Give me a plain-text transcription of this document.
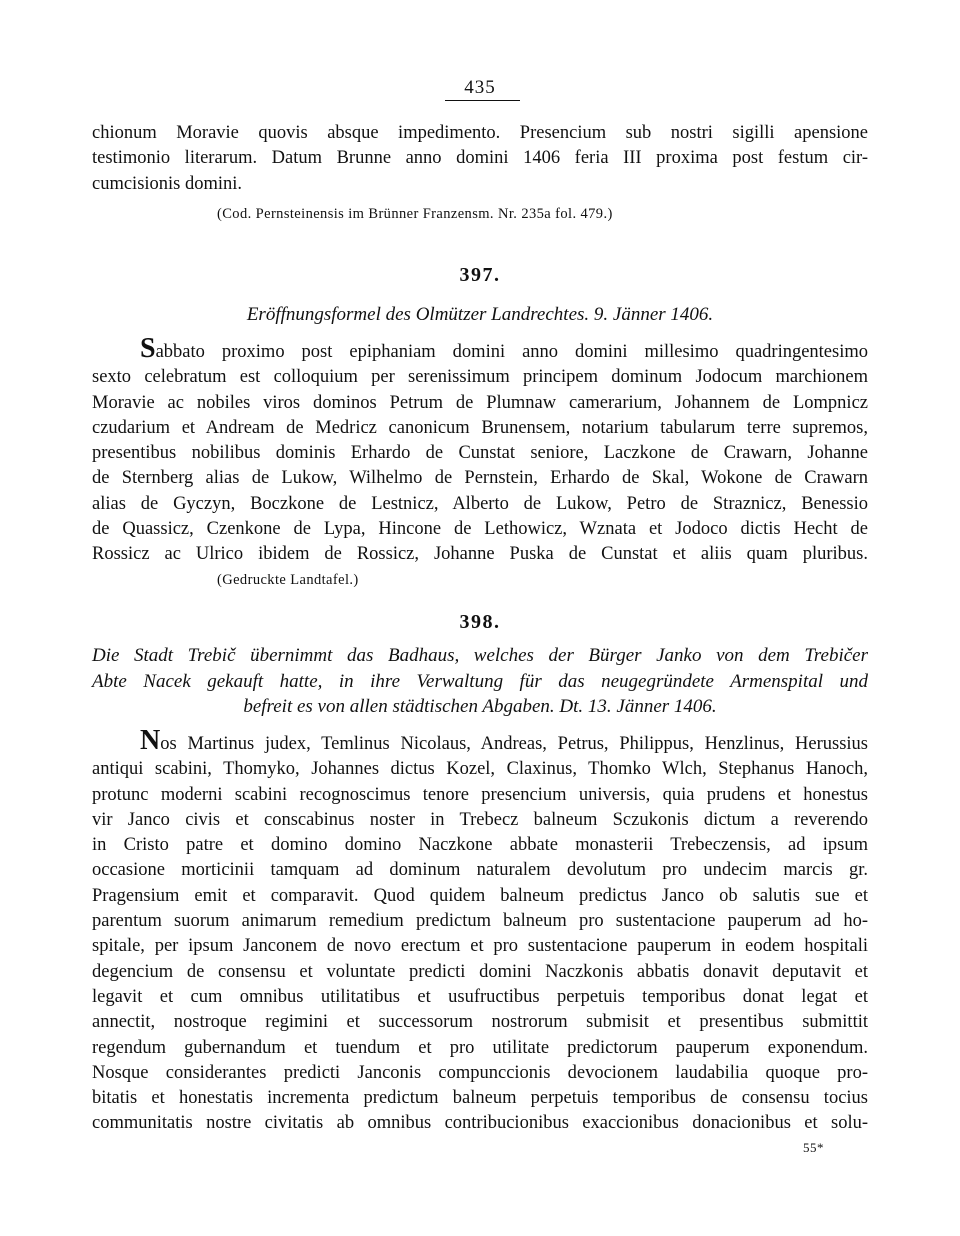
435
chionum Moravie quovis absque impedimento. Presencium sub nostri sigilli apensione
testimonio literarum. Datum Brunne anno domini 1406 feria III proxima post festum cir-
cumcisionis domini.
(Cod. Pernsteinensis im Brünner Franzensm. Nr. 235a fol. 479.)
397.
Eröffnungsformel des Olmützer Landrechtes. 9. Jänner 1406.
Sabbato proximo post epiphaniam domini anno domini millesimo quadringentesimo
sexto celebratum est colloquium per serenissimum principem dominum Jodocum marchionem
Moravie ac nobiles viros dominos Petrum de Plumnaw camerarium, Johannem de Lompnicz
czudarium et Andream de Medricz canonicum Brunensem, notarium tabularum terre supremos,
presentibus nobilibus dominis Erhardo de Cunstat seniore, Laczkone de Crawarn, Johanne
de Sternberg alias de Lukow, Wilhelmo de Pernstein, Erhardo de Skal, Wokone de Crawarn
alias de Gyczyn, Boczkone de Lestnicz, Alberto de Lukow, Petro de Straznicz, Benessio
de Quassicz, Czenkone de Lypa, Hincone de Lethowicz, Wznata et Jodoco dictis Hecht de
Rossicz ac Ulrico ibidem de Rossicz, Johanne Puska de Cunstat et aliis quam pluribus.
(Gedruckte Landtafel.)
398.
Die Stadt Trebič übernimmt das Badhaus, welches der Bürger Janko von dem Trebičer
Abte Nacek gekauft hatte, in ihre Verwaltung für das neugegründete Armenspital und
befreit es von allen städtischen Abgaben. Dt. 13. Jänner 1406.
Nos Martinus judex, Temlinus Nicolaus, Andreas, Petrus, Philippus, Henzlinus, Herussius
antiqui scabini, Thomyko, Johannes dictus Kozel, Claxinus, Thomko Wlch, Stephanus Hanoch,
protunc moderni scabini recognoscimus tenore presencium universis, quia prudens et honestus
vir Janco civis et conscabinus noster in Trebecz balneum Sczukonis dictum a reverendo
in Cristo patre et domino domino Naczkone abbate monasterii Trebeczensis, ad ipsum
occasione morticinii tamquam ad dominum naturalem devolutum pro undecim marcis gr.
Pragensium emit et comparavit. Quod quidem balneum predictus Janco ob salutis sue et
parentum suorum animarum remedium predictum balneum pro sustentacione pauperum ad ho-
spitale, per ipsum Janconem de novo erectum et pro sustentacione pauperum in eodem hospitali
degencium de consensu et voluntate predicti domini Naczkonis abbatis donavit deputavit et
legavit et cum omnibus utilitatibus et usufructibus perpetuis temporibus donat legat et
annectit, nostroque regimini et successorum nostrorum submisit et presentibus submittit
regendum gubernandum et tuendum et pro utilitate predictorum pauperum exponendum.
Nosque considerantes predicti Janconis compunccionis devocionem laudabilia quoque pro-
bitatis et honestatis incrementa predictum balneum perpetuis temporibus de consensu tocius
communitatis nostre civitatis ab omnibus contribucionibus exaccionibus donacionibus et solu-
55*
